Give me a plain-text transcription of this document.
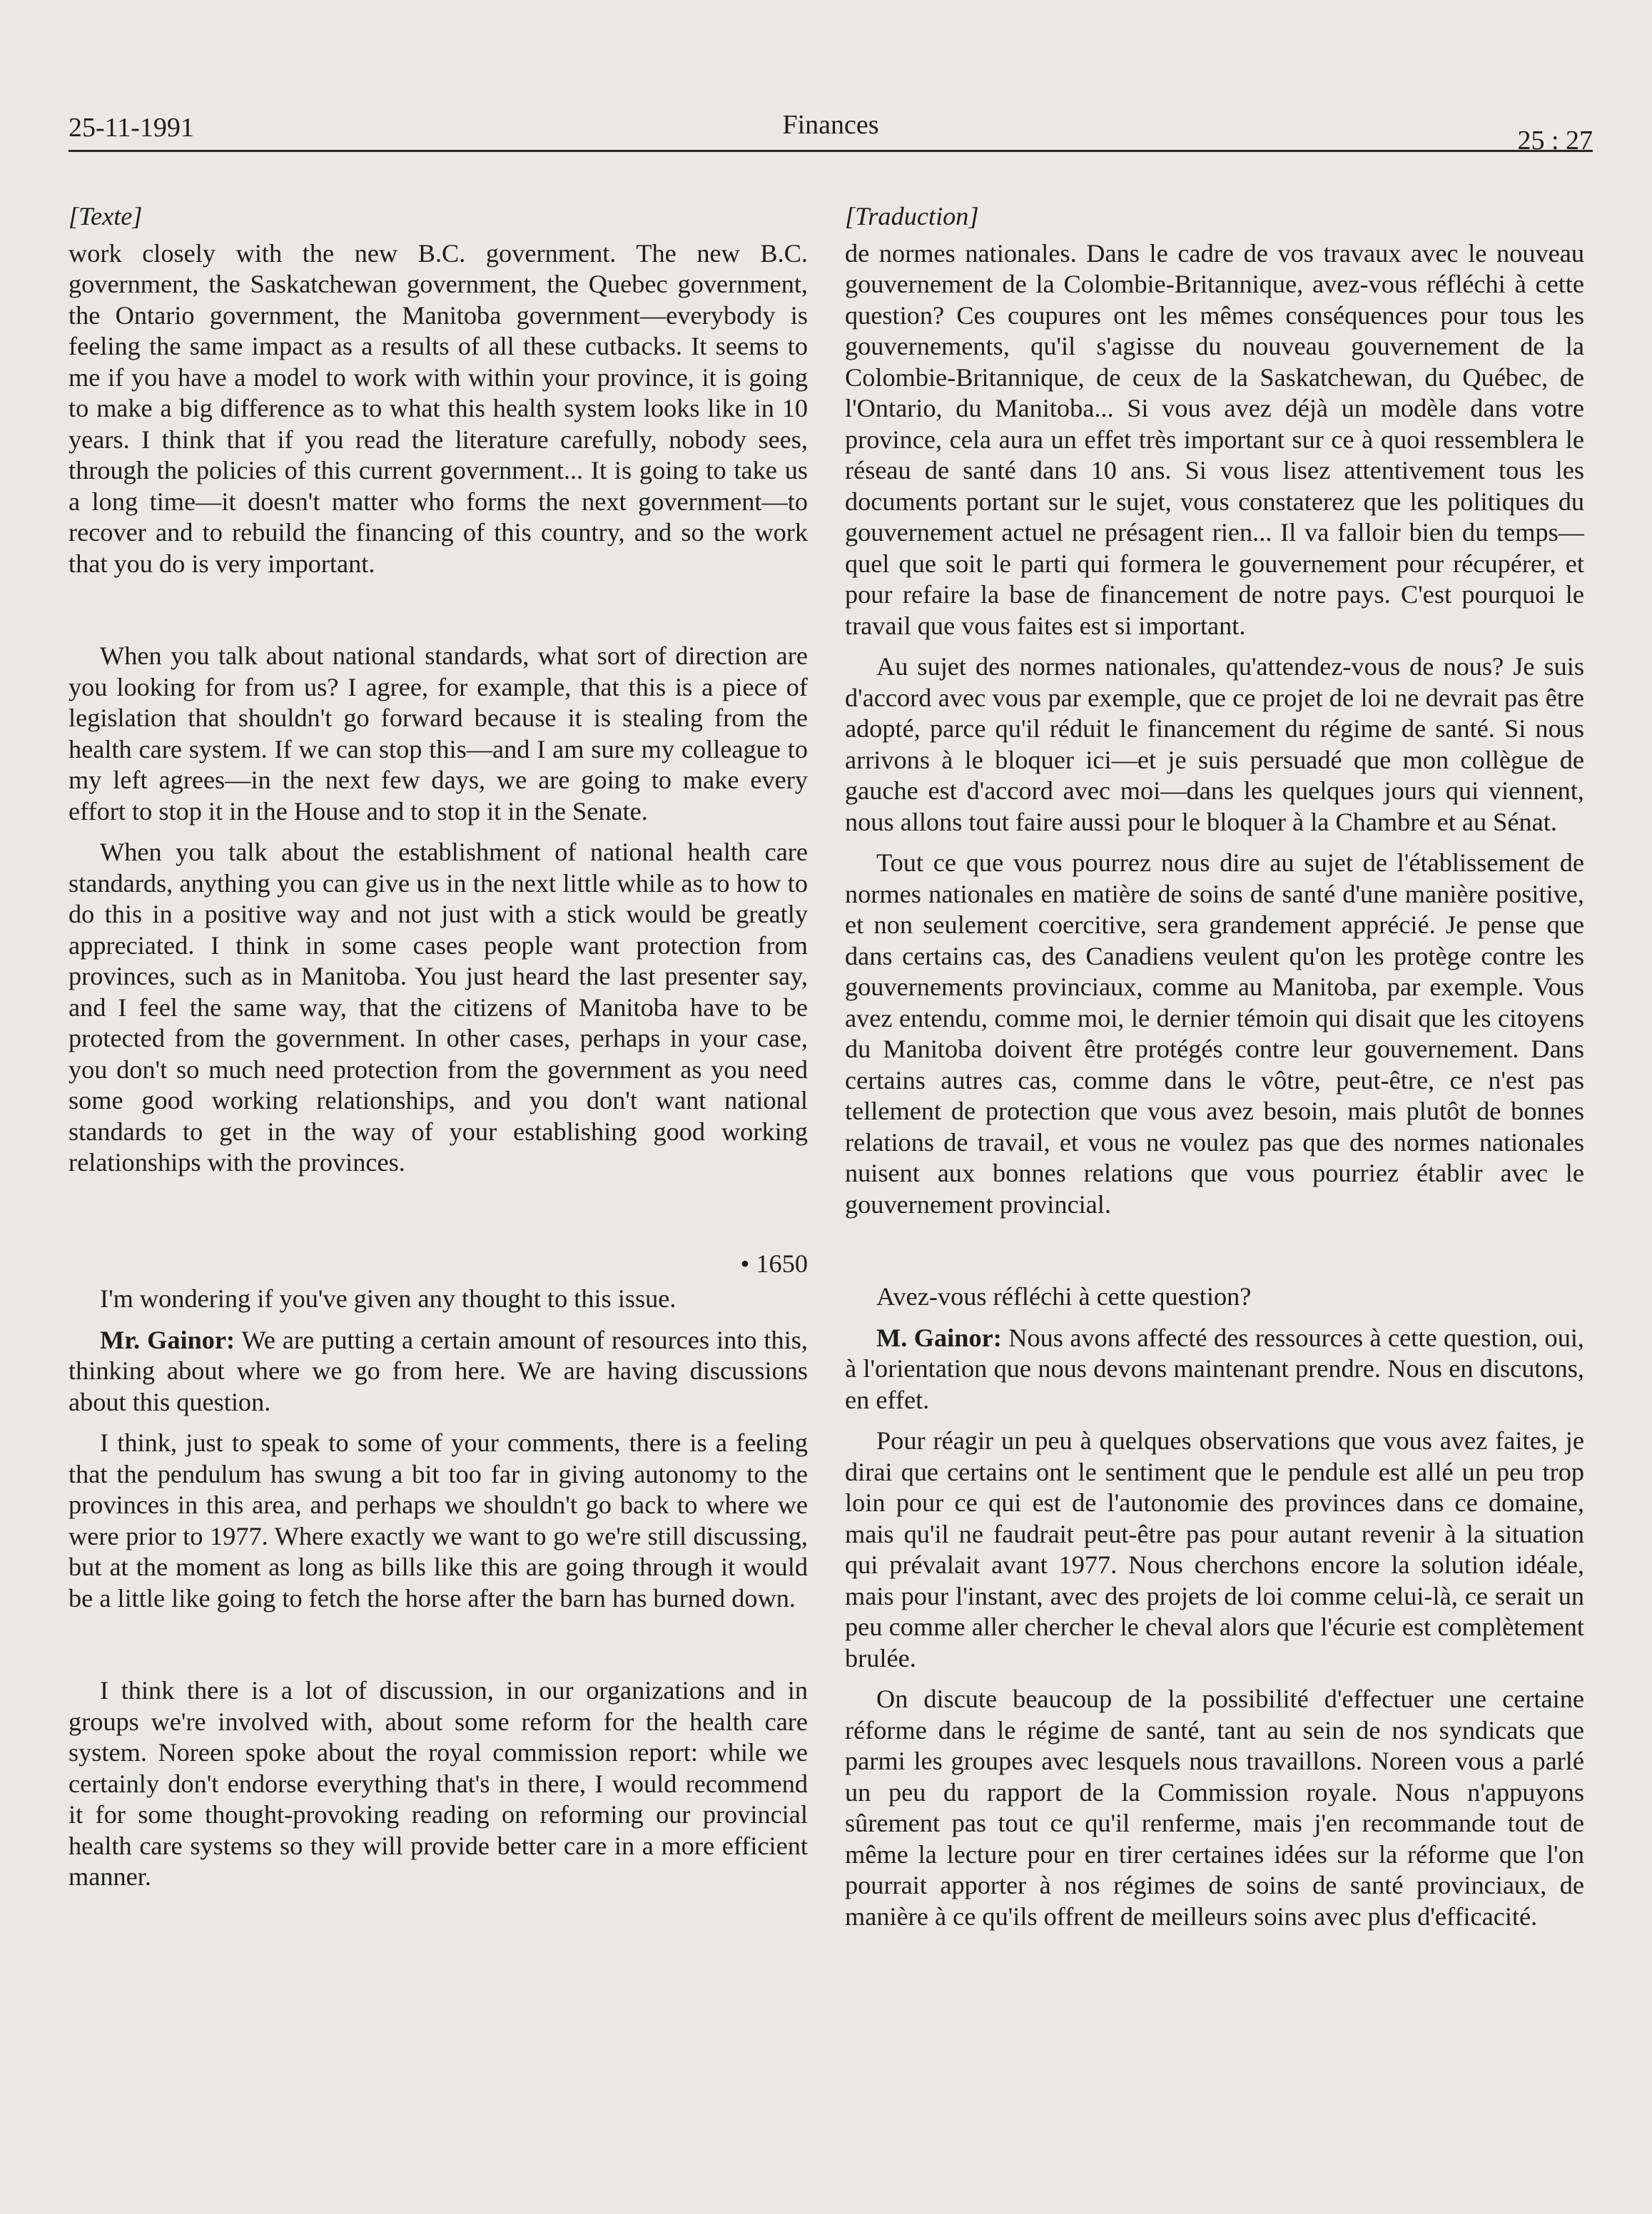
25-11-1991	Finances
25 : 27

[Texte]

work closely with the new B.C. government. The new B.C. government, the Saskatchewan government, the Quebec government, the Ontario government, the Manitoba government—everybody is feeling the same impact as a results of all these cutbacks. It seems to me if you have a model to work with within your province, it is going to make a big difference as to what this health system looks like in 10 years. I think that if you read the literature carefully, nobody sees, through the policies of this current government... It is going to take us a long time—it doesn't matter who forms the next government—to recover and to rebuild the financing of this country, and so the work that you do is very important.

When you talk about national standards, what sort of direction are you looking for from us? I agree, for example, that this is a piece of legislation that shouldn't go forward because it is stealing from the health care system. If we can stop this—and I am sure my colleague to my left agrees—in the next few days, we are going to make every effort to stop it in the House and to stop it in the Senate.

When you talk about the establishment of national health care standards, anything you can give us in the next little while as to how to do this in a positive way and not just with a stick would be greatly appreciated. I think in some cases people want protection from provinces, such as in Manitoba. You just heard the last presenter say, and I feel the same way, that the citizens of Manitoba have to be protected from the government. In other cases, perhaps in your case, you don't so much need protection from the government as you need some good working relationships, and you don't want national standards to get in the way of your establishing good working relationships with the provinces.

• 1650

I'm wondering if you've given any thought to this issue.

Mr. Gainor: We are putting a certain amount of resources into this, thinking about where we go from here. We are having discussions about this question.

I think, just to speak to some of your comments, there is a feeling that the pendulum has swung a bit too far in giving autonomy to the provinces in this area, and perhaps we shouldn't go back to where we were prior to 1977. Where exactly we want to go we're still discussing, but at the moment as long as bills like this are going through it would be a little like going to fetch the horse after the barn has burned down.

I think there is a lot of discussion, in our organizations and in groups we're involved with, about some reform for the health care system. Noreen spoke about the royal commission report: while we certainly don't endorse everything that's in there, I would recommend it for some thought-provoking reading on reforming our provincial health care systems so they will provide better care in a more efficient manner.

[Traduction]

de normes nationales. Dans le cadre de vos travaux avec le nouveau gouvernement de la Colombie-Britannique, avez-vous réfléchi à cette question? Ces coupures ont les mêmes conséquences pour tous les gouvernements, qu'il s'agisse du nouveau gouvernement de la Colombie-Britannique, de ceux de la Saskatchewan, du Québec, de l'Ontario, du Manitoba... Si vous avez déjà un modèle dans votre province, cela aura un effet très important sur ce à quoi ressemblera le réseau de santé dans 10 ans. Si vous lisez attentivement tous les documents portant sur le sujet, vous constaterez que les politiques du gouvernement actuel ne présagent rien... Il va falloir bien du temps—quel que soit le parti qui formera le gouvernement pour récupérer, et pour refaire la base de financement de notre pays. C'est pourquoi le travail que vous faites est si important.

Au sujet des normes nationales, qu'attendez-vous de nous? Je suis d'accord avec vous par exemple, que ce projet de loi ne devrait pas être adopté, parce qu'il réduit le financement du régime de santé. Si nous arrivons à le bloquer ici—et je suis persuadé que mon collègue de gauche est d'accord avec moi—dans les quelques jours qui viennent, nous allons tout faire aussi pour le bloquer à la Chambre et au Sénat.

Tout ce que vous pourrez nous dire au sujet de l'établissement de normes nationales en matière de soins de santé d'une manière positive, et non seulement coercitive, sera grandement apprécié. Je pense que dans certains cas, des Canadiens veulent qu'on les protège contre les gouvernements provinciaux, comme au Manitoba, par exemple. Vous avez entendu, comme moi, le dernier témoin qui disait que les citoyens du Manitoba doivent être protégés contre leur gouvernement. Dans certains autres cas, comme dans le vôtre, peut-être, ce n'est pas tellement de protection que vous avez besoin, mais plutôt de bonnes relations de travail, et vous ne voulez pas que des normes nationales nuisent aux bonnes relations que vous pourriez établir avec le gouvernement provincial.

Avez-vous réfléchi à cette question?

M. Gainor: Nous avons affecté des ressources à cette question, oui, à l'orientation que nous devons maintenant prendre. Nous en discutons, en effet.

Pour réagir un peu à quelques observations que vous avez faites, je dirai que certains ont le sentiment que le pendule est allé un peu trop loin pour ce qui est de l'autonomie des provinces dans ce domaine, mais qu'il ne faudrait peut-être pas pour autant revenir à la situation qui prévalait avant 1977. Nous cherchons encore la solution idéale, mais pour l'instant, avec des projets de loi comme celui-là, ce serait un peu comme aller chercher le cheval alors que l'écurie est complètement brulée.

On discute beaucoup de la possibilité d'effectuer une certaine réforme dans le régime de santé, tant au sein de nos syndicats que parmi les groupes avec lesquels nous travaillons. Noreen vous a parlé un peu du rapport de la Commission royale. Nous n'appuyons sûrement pas tout ce qu'il renferme, mais j'en recommande tout de même la lecture pour en tirer certaines idées sur la réforme que l'on pourrait apporter à nos régimes de soins de santé provinciaux, de manière à ce qu'ils offrent de meilleurs soins avec plus d'efficacité.
